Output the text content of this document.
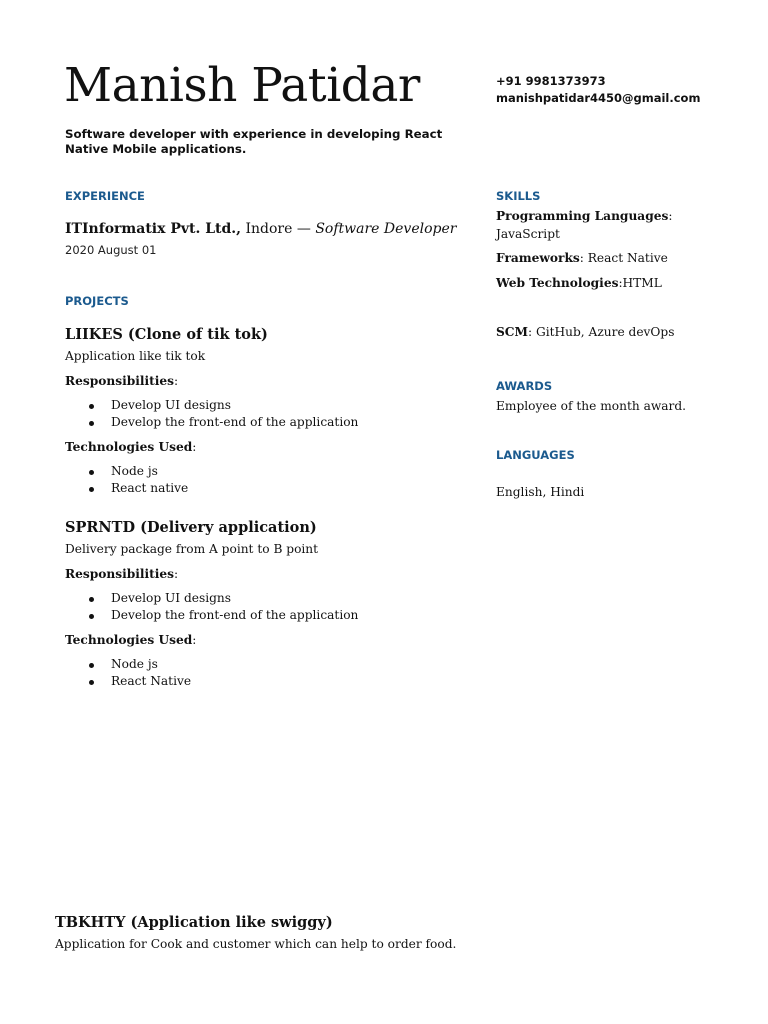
Manish Patidar	+91 9981373973
manishpatidar4450@gmail.com
Software developer with experience in developing React Native Mobile applications.
EXPERIENCE
ITInformatix Pvt. Ltd., Indore — Software Developer
2020 August 01
PROJECTS
LIIKES (Clone of tik tok)
Application like tik tok
Responsibilities:
Develop UI designs
Develop the front-end of the application
Technologies Used:
Node js
React native
SPRNTD (Delivery application)
Delivery package from A point to B point
Responsibilities:
Develop UI designs
Develop the front-end of the application
Technologies Used:
Node js
React Native
TBKHTY (Application like swiggy)
Application for Cook and customer which can help to order food.
SKILLS
Programming Languages:
JavaScript
Frameworks: React Native
Web Technologies:HTML
SCM: GitHub, Azure devOps
AWARDS
Employee of the month award.
LANGUAGES
English, Hindi
